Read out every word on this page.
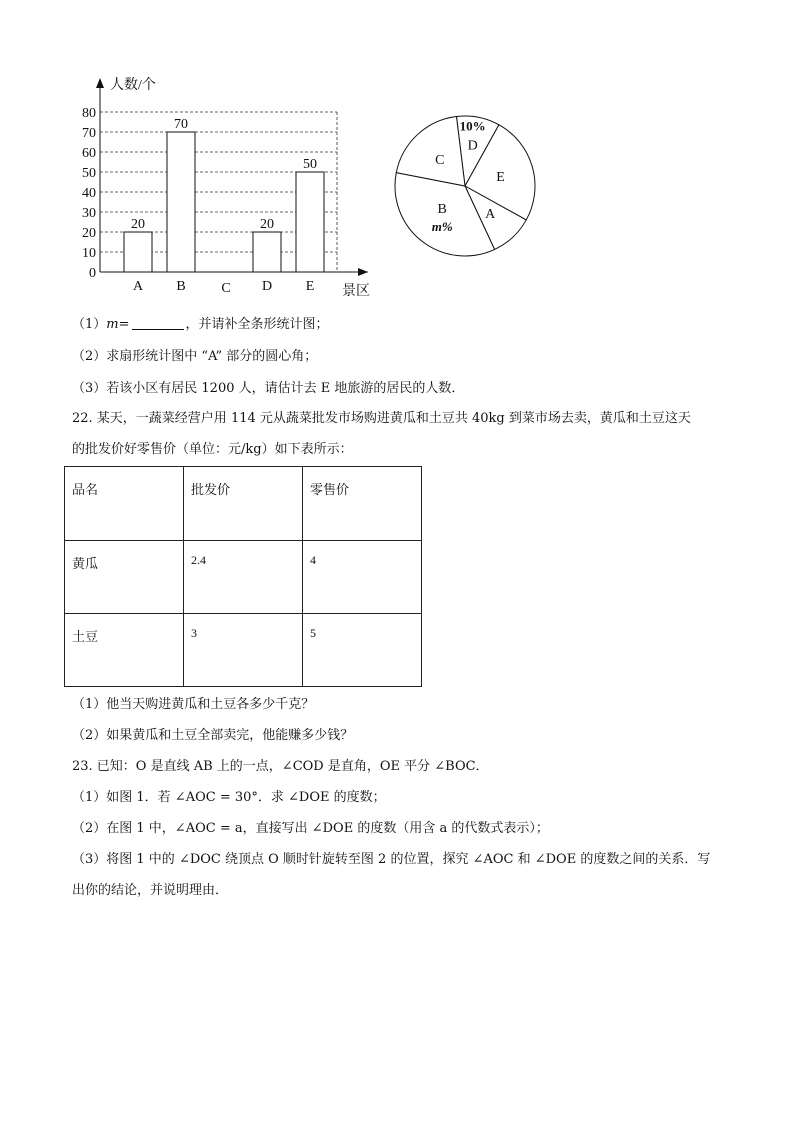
0
10
20
30
40
50
60
70
80
20
A
70
B	C
20
D
50
E
人数/个
景区
10%
D
E
A
B
m%
C
（1）m=	，并请补全条形统计图；
（2）求扇形统计图中 “A” 部分的圆心角；
（3）若该小区有居民 1200 人，请估计去 E 地旅游的居民的人数．
22. 某天，一蔬菜经营户用 114 元从蔬菜批发市场购进黄瓜和土豆共 40kg 到菜市场去卖，黄瓜和土豆这天
的批发价好零售价（单位：元/kg）如下表所示：
品名	批发价	零售价
黄瓜	2.4	4
土豆	3	5
（1）他当天购进黄瓜和土豆各多少千克？
（2）如果黄瓜和土豆全部卖完，他能赚多少钱？
23. 已知：O 是直线 AB 上的一点，∠COD 是直角，OE 平分 ∠BOC．
（1）如图 1．若 ∠AOC = 30°．求 ∠DOE 的度数；
（2）在图 1 中，∠AOC = a，直接写出 ∠DOE 的度数（用含 a 的代数式表示）；
（3）将图 1 中的 ∠DOC 绕顶点 O 顺时针旋转至图 2 的位置，探究 ∠AOC 和 ∠DOE 的度数之间的关系．写
出你的结论，并说明理由．
